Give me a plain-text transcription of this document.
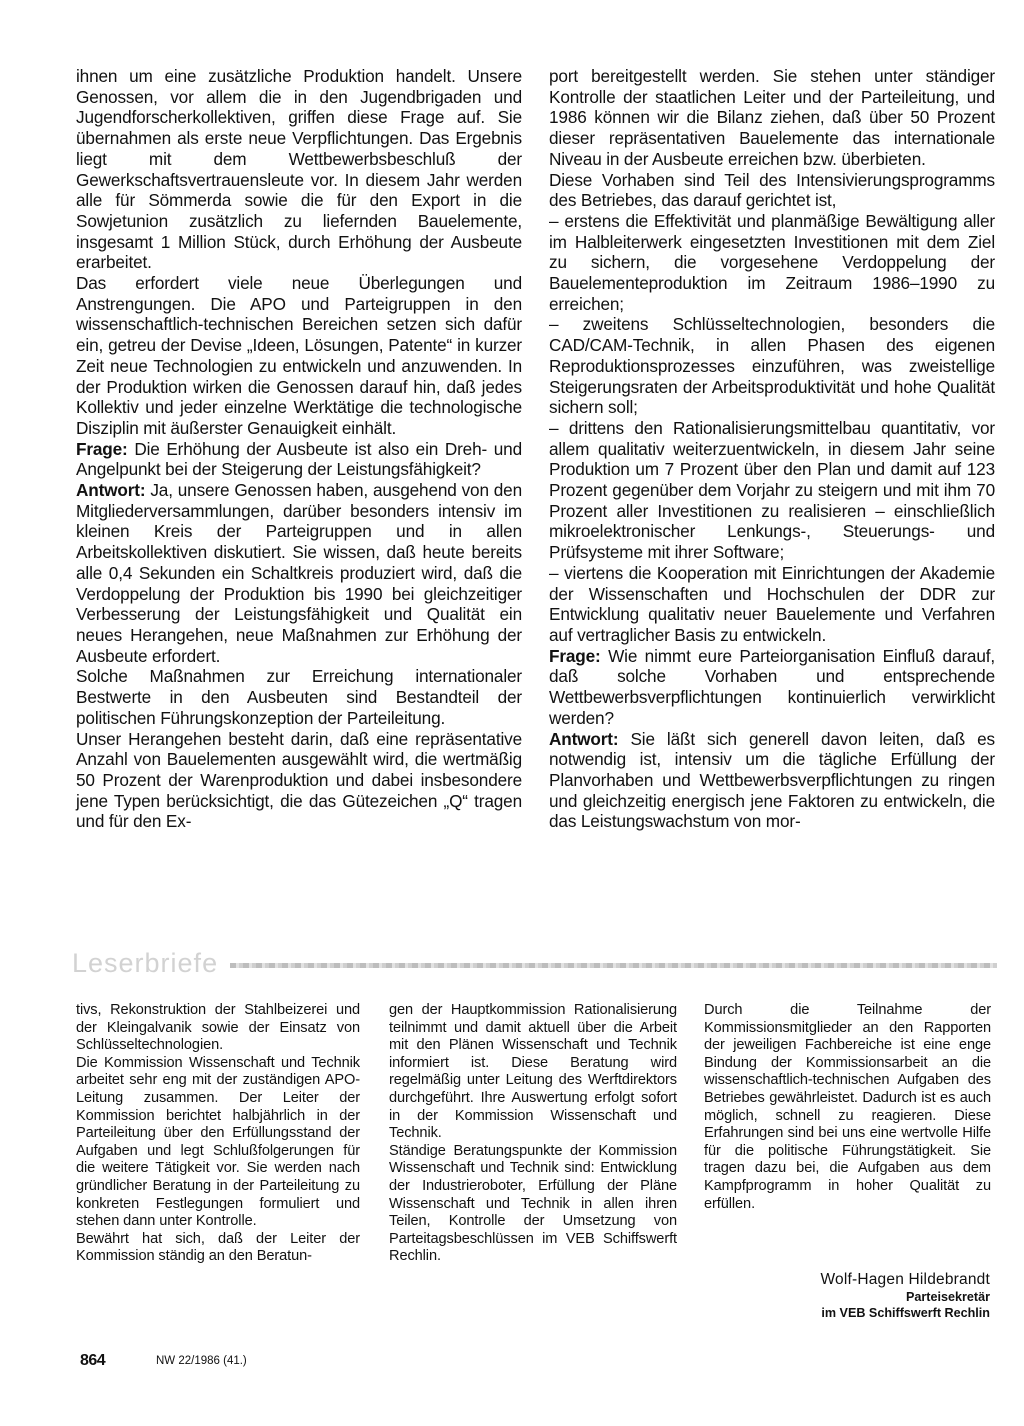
ihnen um eine zusätzliche Produktion handelt. Unsere Genossen, vor allem die in den Jugendbrigaden und Jugendforscherkollektiven, griffen diese Frage auf. Sie übernahmen als erste neue Verpflichtungen. Das Ergebnis liegt mit dem Wettbewerbsbeschluß der Gewerkschaftsvertrauensleute vor. In diesem Jahr werden alle für Sömmerda sowie die für den Export in die Sowjetunion zusätzlich zu liefernden Bauelemente, insgesamt 1 Million Stück, durch Erhöhung der Ausbeute erarbeitet.

Das erfordert viele neue Überlegungen und Anstrengungen. Die APO und Parteigruppen in den wissenschaftlich-technischen Bereichen setzen sich dafür ein, getreu der Devise „Ideen, Lösungen, Patente“ in kurzer Zeit neue Technologien zu entwickeln und anzuwenden. In der Produktion wirken die Genossen darauf hin, daß jedes Kollektiv und jeder einzelne Werktätige die technologische Disziplin mit äußerster Genauigkeit einhält.

Frage: Die Erhöhung der Ausbeute ist also ein Dreh- und Angelpunkt bei der Steigerung der Leistungsfähigkeit?

Antwort: Ja, unsere Genossen haben, ausgehend von den Mitgliederversammlungen, darüber besonders intensiv im kleinen Kreis der Parteigruppen und in allen Arbeitskollektiven diskutiert. Sie wissen, daß heute bereits alle 0,4 Sekunden ein Schaltkreis produziert wird, daß die Verdoppelung der Produktion bis 1990 bei gleichzeitiger Verbesserung der Leistungsfähigkeit und Qualität ein neues Herangehen, neue Maßnahmen zur Erhöhung der Ausbeute erfordert.

Solche Maßnahmen zur Erreichung internationaler Bestwerte in den Ausbeuten sind Bestandteil der politischen Führungskonzeption der Parteileitung.

Unser Herangehen besteht darin, daß eine repräsentative Anzahl von Bauelementen ausgewählt wird, die wertmäßig 50 Prozent der Warenproduktion und dabei insbesondere jene Typen berücksichtigt, die das Gütezeichen „Q“ tragen und für den Ex-

port bereitgestellt werden. Sie stehen unter ständiger Kontrolle der staatlichen Leiter und der Parteileitung, und 1986 können wir die Bilanz ziehen, daß über 50 Prozent dieser repräsentativen Bauelemente das internationale Niveau in der Ausbeute erreichen bzw. überbieten.

Diese Vorhaben sind Teil des Intensivierungsprogramms des Betriebes, das darauf gerichtet ist,

– erstens die Effektivität und planmäßige Bewältigung aller im Halbleiterwerk eingesetzten Investitionen mit dem Ziel zu sichern, die vorgesehene Verdoppelung der Bauelementeproduktion im Zeitraum 1986–1990 zu erreichen;

– zweitens Schlüsseltechnologien, besonders die CAD/CAM-Technik, in allen Phasen des eigenen Reproduktionsprozesses einzuführen, was zweistellige Steigerungsraten der Arbeitsproduktivität und hohe Qualität sichern soll;

– drittens den Rationalisierungsmittelbau quantitativ, vor allem qualitativ weiterzuentwickeln, in diesem Jahr seine Produktion um 7 Prozent über den Plan und damit auf 123 Prozent gegenüber dem Vorjahr zu steigern und mit ihm 70 Prozent aller Investitionen zu realisieren – einschließlich mikroelektronischer Lenkungs-, Steuerungs- und Prüfsysteme mit ihrer Software;

– viertens die Kooperation mit Einrichtungen der Akademie der Wissenschaften und Hochschulen der DDR zur Entwicklung qualitativ neuer Bauelemente und Verfahren auf vertraglicher Basis zu entwickeln.

Frage: Wie nimmt eure Parteiorganisation Einfluß darauf, daß solche Vorhaben und entsprechende Wettbewerbsverpflichtungen kontinuierlich verwirklicht werden?

Antwort: Sie läßt sich generell davon leiten, daß es notwendig ist, intensiv um die tägliche Erfüllung der Planvorhaben und Wettbewerbsverpflichtungen zu ringen und gleichzeitig energisch jene Faktoren zu entwickeln, die das Leistungswachstum von mor-

Leserbriefe

tivs, Rekonstruktion der Stahlbeizerei und der Kleingalvanik sowie der Einsatz von Schlüsseltechnologien.

Die Kommission Wissenschaft und Technik arbeitet sehr eng mit der zuständigen APO-Leitung zusammen. Der Leiter der Kommission berichtet halbjährlich in der Parteileitung über den Erfüllungsstand der Aufgaben und legt Schlußfolgerungen für die weitere Tätigkeit vor. Sie werden nach gründlicher Beratung in der Parteileitung zu konkreten Festlegungen formuliert und stehen dann unter Kontrolle.

Bewährt hat sich, daß der Leiter der Kommission ständig an den Beratun-

gen der Hauptkommission Rationalisierung teilnimmt und damit aktuell über die Arbeit mit den Plänen Wissenschaft und Technik informiert ist. Diese Beratung wird regelmäßig unter Leitung des Werftdirektors durchgeführt. Ihre Auswertung erfolgt sofort in der Kommission Wissenschaft und Technik.

Ständige Beratungspunkte der Kommission Wissenschaft und Technik sind: Entwicklung der Industrieroboter, Erfüllung der Pläne Wissenschaft und Technik in allen ihren Teilen, Kontrolle der Umsetzung von Parteitagsbeschlüssen im VEB Schiffswerft Rechlin.

Durch die Teilnahme der Kommissionsmitglieder an den Rapporten der jeweiligen Fachbereiche ist eine enge Bindung der Kommissionsarbeit an die wissenschaftlich-technischen Aufgaben des Betriebes gewährleistet. Dadurch ist es auch möglich, schnell zu reagieren. Diese Erfahrungen sind bei uns eine wertvolle Hilfe für die politische Führungstätigkeit. Sie tragen dazu bei, die Aufgaben aus dem Kampfprogramm in hoher Qualität zu erfüllen.

Wolf-Hagen Hildebrandt
Parteisekretär
im VEB Schiffswerft Rechlin
864	NW 22/1986 (41.)
